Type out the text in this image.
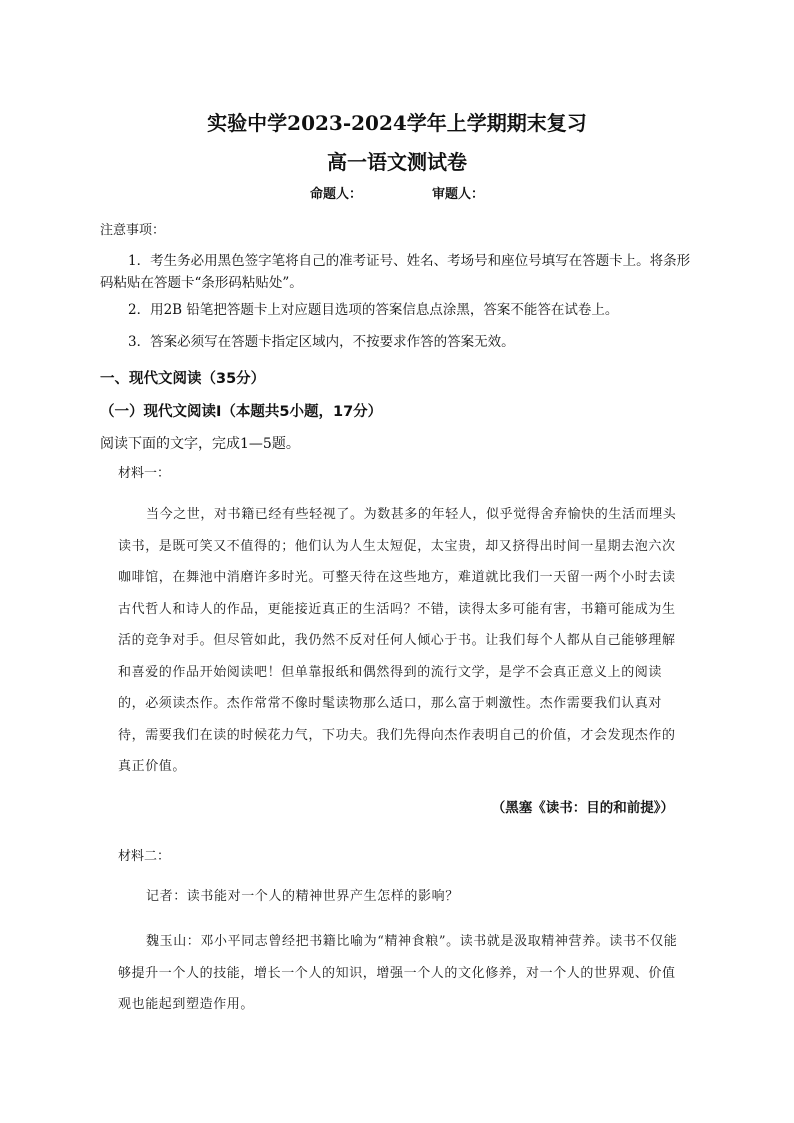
实验中学2023-2024学年上学期期末复习
高一语文测试卷
命题人：	审题人：
注意事项：
1．考生务必用黑色签字笔将自己的准考证号、姓名、考场号和座位号填写在答题卡上。将条形码粘贴在答题卡“条形码粘贴处”。
2．用2B 铅笔把答题卡上对应题目选项的答案信息点涂黑，答案不能答在试卷上。
3．答案必须写在答题卡指定区域内，不按要求作答的答案无效。
一、现代文阅读（35分）
（一）现代文阅读Ⅰ（本题共5小题，17分）
阅读下面的文字，完成1—5题。
材料一：
当今之世，对书籍已经有些轻视了。为数甚多的年轻人，似乎觉得舍弃愉快的生活而埋头读书，是既可笑又不值得的；他们认为人生太短促，太宝贵，却又挤得出时间一星期去泡六次咖啡馆，在舞池中消磨许多时光。可整天待在这些地方，难道就比我们一天留一两个小时去读古代哲人和诗人的作品，更能接近真正的生活吗？不错，读得太多可能有害，书籍可能成为生活的竞争对手。但尽管如此，我仍然不反对任何人倾心于书。让我们每个人都从自己能够理解和喜爱的作品开始阅读吧！但单靠报纸和偶然得到的流行文学，是学不会真正意义上的阅读的，必须读杰作。杰作常常不像时髦读物那么适口，那么富于刺激性。杰作需要我们认真对待，需要我们在读的时候花力气，下功夫。我们先得向杰作表明自己的价值，才会发现杰作的真正价值。
（黑塞《读书：目的和前提》）
材料二：
记者：读书能对一个人的精神世界产生怎样的影响？
魏玉山：邓小平同志曾经把书籍比喻为“精神食粮”。读书就是汲取精神营养。读书不仅能够提升一个人的技能，增长一个人的知识，增强一个人的文化修养，对一个人的世界观、价值观也能起到塑造作用。
